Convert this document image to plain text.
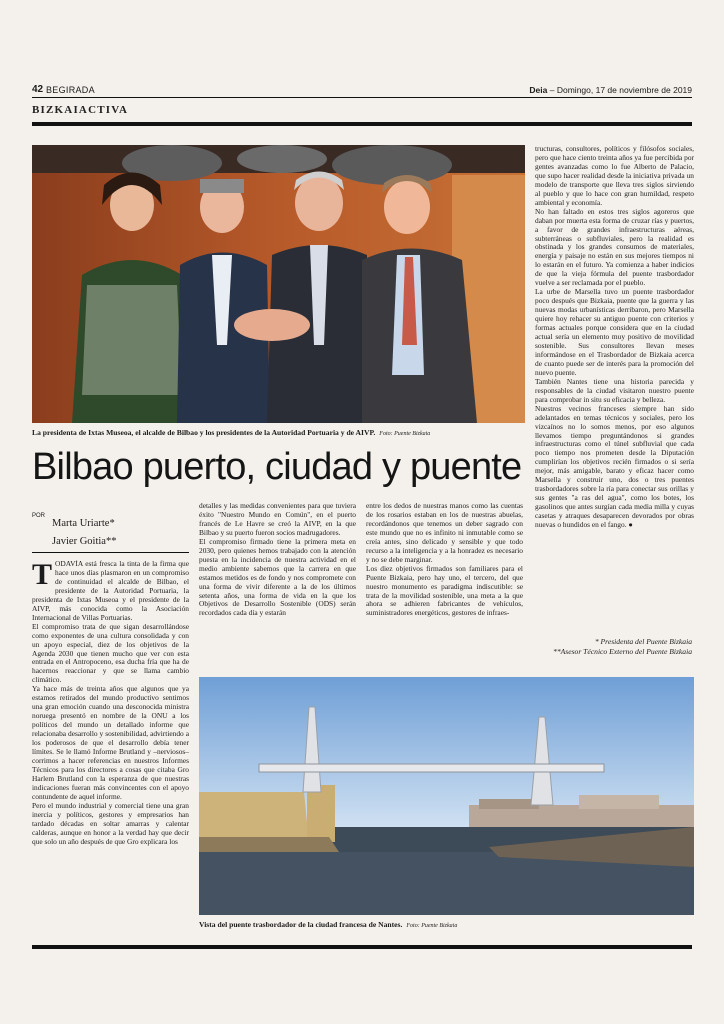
42 BEGIRADA	Deia – Domingo, 17 de noviembre de 2019
BIZKAIACTIVA
La presidenta de Ixtas Museoa, el alcalde de Bilbao y los presidentes de la Autoridad Portuaria y de AIVP. Foto: Puente Bizkaia
Bilbao puerto, ciudad y puente
$^{POR}$ Marta Uriarte*
Javier Goitia**
T ODAVÍA está fresca la tinta de la firma que hace unos días plasmaron en un compromiso de continuidad el alcalde de Bilbao, el presidente de la Autoridad Portuaria, la presidenta de Ixtas Museoa y el presidente de la AIVP, más conocida como la Asociación Internacional de Villas Portuarias.

El compromiso trata de que sigan desarrollándose como exponentes de una cultura consolidada y con un apoyo especial, diez de los objetivos de la Agenda 2030 que tienen mucho que ver con esta entrada en el Antropoceno, esa ducha fría que ha de hacernos reaccionar y que se llama cambio climático.

Ya hace más de treinta años que algunos que ya estamos retirados del mundo productivo sentimos una gran emoción cuando una desconocida ministra noruega presentó en nombre de la ONU a los políticos del mundo un detallado informe que relacionaba desarrollo y sostenibilidad, advirtiendo a los poderosos de que el desarrollo debía tener límites. Se le llamó Informe Brutland y –nerviosos– corrimos a hacer referencias en nuestros Informes Técnicos para los directores a cosas que citaba Gro Harlem Brutland con la esperanza de que nuestras indicaciones fueran más convincentes con el apoyo contundente de aquel informe.

Pero el mundo industrial y comercial tiene una gran inercia y políticos, gestores y empresarios han tardado décadas en soltar amarras y calentar calderas, aunque en honor a la verdad hay que decir que solo un año después de que Gro explicara los

detalles y las medidas convenientes para que tuviera éxito "Nuestro Mundo en Común", en el puerto francés de Le Havre se creó la AIVP, en la que Bilbao y su puerto fueron socios madrugadores.

El compromiso firmado tiene la primera meta en 2030, pero quienes hemos trabajado con la atención puesta en la incidencia de nuestra actividad en el medio ambiente sabemos que la carrera en que estamos metidos es de fondo y nos compromete con una forma de vivir diferente a la de los últimos setenta años, una forma de vida en la que los Objetivos de Desarrollo Sostenible (ODS) serán recordados cada día y estarán

entre los dedos de nuestras manos como las cuentas de los rosarios estaban en los de nuestras abuelas, recordándonos que tenemos un deber sagrado con este mundo que no es infinito ni inmutable como se creía antes, sino delicado y sensible y que todo recurso a la inteligencia y a la honradez es necesario y no se debe marginar.

Los diez objetivos firmados son familiares para el Puente Bizkaia, pero hay uno, el tercero, del que nuestro monumento es paradigma indiscutible: se trata de la movilidad sostenible, una meta a la que ahora se adhieren fabricantes de vehículos, suministradores energéticos, gestores de infraes-

tructuras, consultores, políticos y filósofos sociales, pero que hace ciento treinta años ya fue percibida por gentes avanzadas como lo fue Alberto de Palacio, que supo hacer realidad desde la iniciativa privada un modelo de transporte que lleva tres siglos sirviendo al pueblo y que lo hace con gran humildad, respeto ambiental y economía.

No han faltado en estos tres siglos agoreros que daban por muerta esta forma de cruzar rías y puertos, a favor de grandes infraestructuras aéreas, subterráneas o subfluviales, pero la realidad es obstinada y los grandes consumos de materiales, energía y paisaje no están en sus mejores tiempos ni lo estarán en el futuro. Ya comienza a haber indicios de que la vieja fórmula del puente trasbordador vuelve a ser reclamada por el pueblo.

La urbe de Marsella tuvo un puente trasbordador poco después que Bizkaia, puente que la guerra y las nuevas modas urbanísticas derribaron, pero Marsella quiere hoy rehacer su antiguo puente con criterios y formas actuales porque considera que en la ciudad actual sería un elemento muy positivo de movilidad sostenible. Sus consultores llevan meses informándose en el Trasbordador de Bizkaia acerca de cuanto puede ser de interés para la promoción del nuevo puente.

También Nantes tiene una historia parecida y responsables de la ciudad visitaron nuestro puente para comprobar in situ su eficacia y belleza.

Nuestros vecinos franceses siempre han sido adelantados en temas técnicos y sociales, pero los vizcaínos no lo somos menos, por eso algunos llevamos tiempo preguntándonos si grandes infraestructuras como el túnel subfluvial que cada poco tiempo nos prometen desde la Diputación cumplirían los objetivos recién firmados o si sería mejor, más amigable, barato y eficaz hacer como Marsella y construir uno, dos o tres puentes trasbordadores sobre la ría para conectar sus orillas y sus gentes "a ras del agua", como los botes, los gasolinos que antes surgían cada media milla y cuyas casetas y atraques desaparecen devorados por obras nuevas o hundidos en el fango. ●

* Presidenta del Puente Bizkaia
**Asesor Técnico Externo del Puente Bizkaia
Vista del puente trasbordador de la ciudad francesa de Nantes. Foto: Puente Bizkaia
